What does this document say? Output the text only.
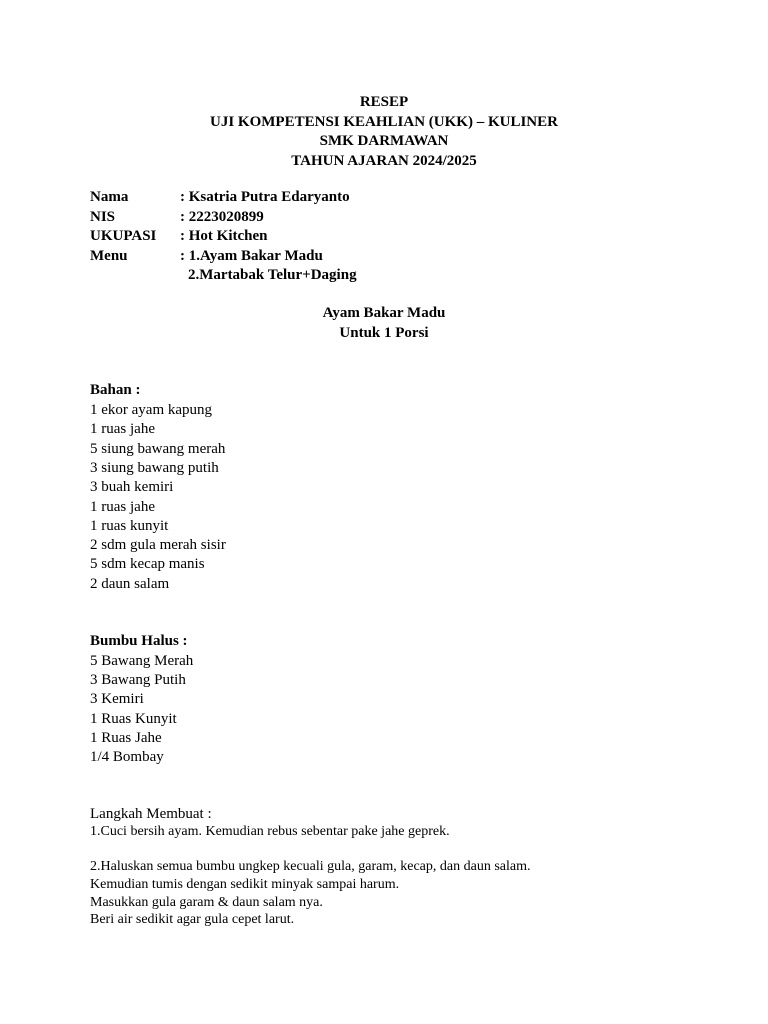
RESEP
UJI KOMPETENSI KEAHLIAN (UKK) – KULINER
SMK DARMAWAN
TAHUN AJARAN 2024/2025
Nama	: Ksatria Putra Edaryanto
NIS	: 2223020899
UKUPASI : Hot Kitchen
Menu	: 1.Ayam Bakar Madu
2.Martabak Telur+Daging
Ayam Bakar Madu
Untuk 1 Porsi
Bahan :
1 ekor ayam kapung
1 ruas jahe
5 siung bawang merah
3 siung bawang putih
3 buah kemiri
1 ruas jahe
1 ruas kunyit
2 sdm gula merah sisir
5 sdm kecap manis
2 daun salam
Bumbu Halus :
5 Bawang Merah
3 Bawang Putih
3 Kemiri
1 Ruas Kunyit
1 Ruas Jahe
1/4 Bombay
Langkah Membuat :
1.Cuci bersih ayam. Kemudian rebus sebentar pake jahe geprek.
2.Haluskan semua bumbu ungkep kecuali gula, garam, kecap, dan daun salam.
Kemudian tumis dengan sedikit minyak sampai harum.
Masukkan gula garam & daun salam nya.
Beri air sedikit agar gula cepet larut.
